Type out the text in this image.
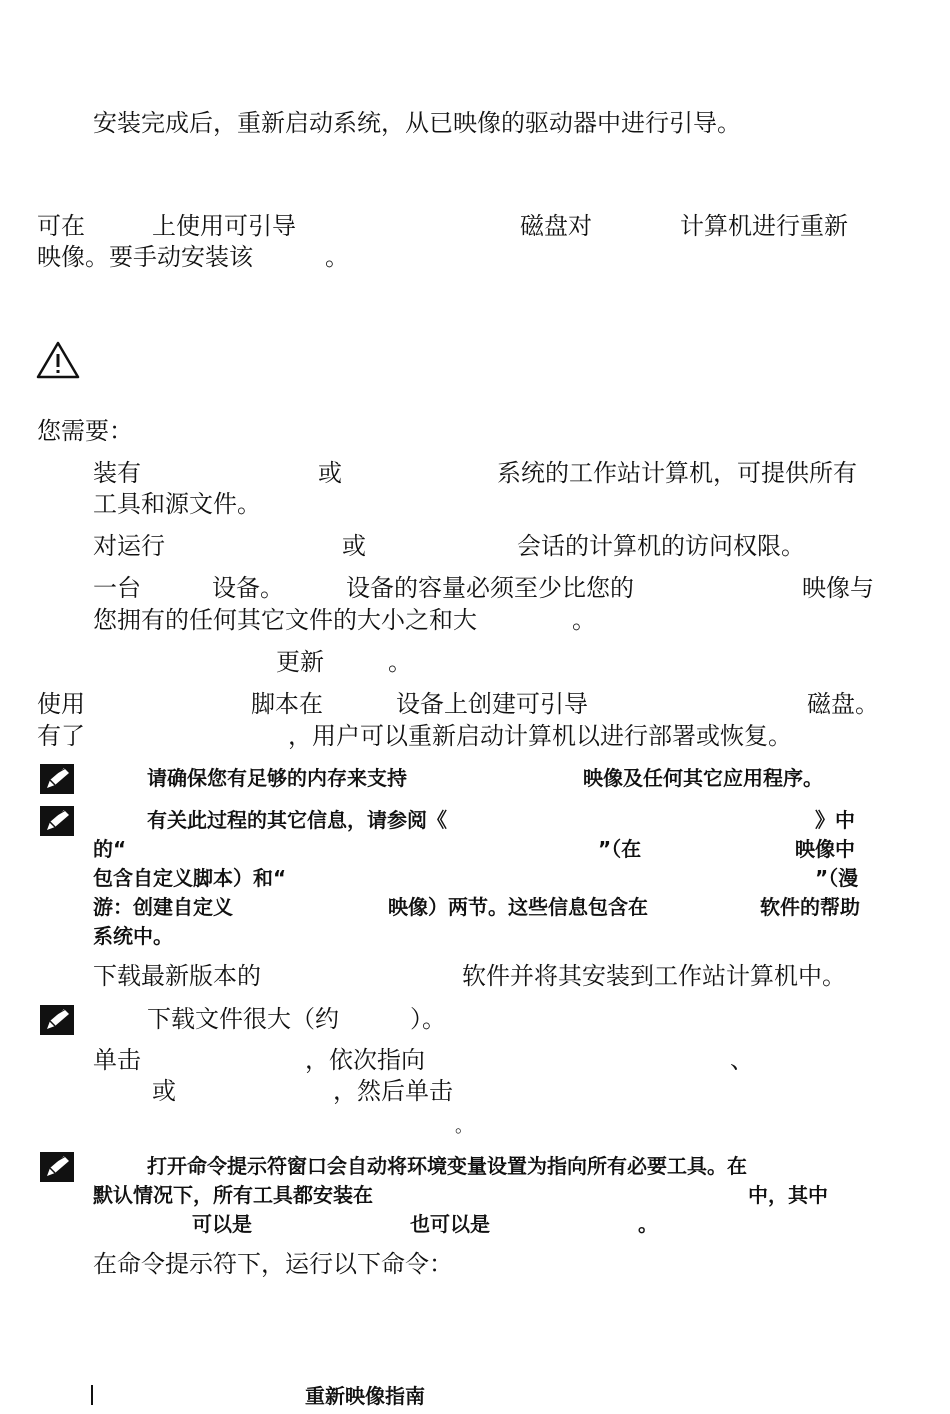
安装完成后，重新启动系统，从已映像的驱动器中进行引导。
可在	上使用可引导	磁盘对	计算机进行重新
映像。要手动安装该	。
您需要：
装有	或	系统的工作站计算机，可提供所有
工具和源文件。
对运行	或	会话的计算机的访问权限。
一台	设备。	设备的容量必须至少比您的	映像与
您拥有的任何其它文件的大小之和大	。
更新	。
使用	脚本在	设备上创建可引导	磁盘。
有了	，用户可以重新启动计算机以进行部署或恢复。
请确保您有足够的内存来支持	映像及任何其它应用程序。
有关此过程的其它信息，请参阅《	》中
的“	”（在	映像中
包含自定义脚本）和“	”（漫
游：创建自定义	映像）两节。这些信息包含在	软件的帮助
系统中。
下载最新版本的	软件并将其安装到工作站计算机中。
下载文件很大（约	）。
单击	，依次指向	、
或	，然后单击
。
打开命令提示符窗口会自动将环境变量设置为指向所有必要工具。在
默认情况下，所有工具都安装在	中，其中
可以是	也可以是	。
在命令提示符下，运行以下命令：
重新映像指南
